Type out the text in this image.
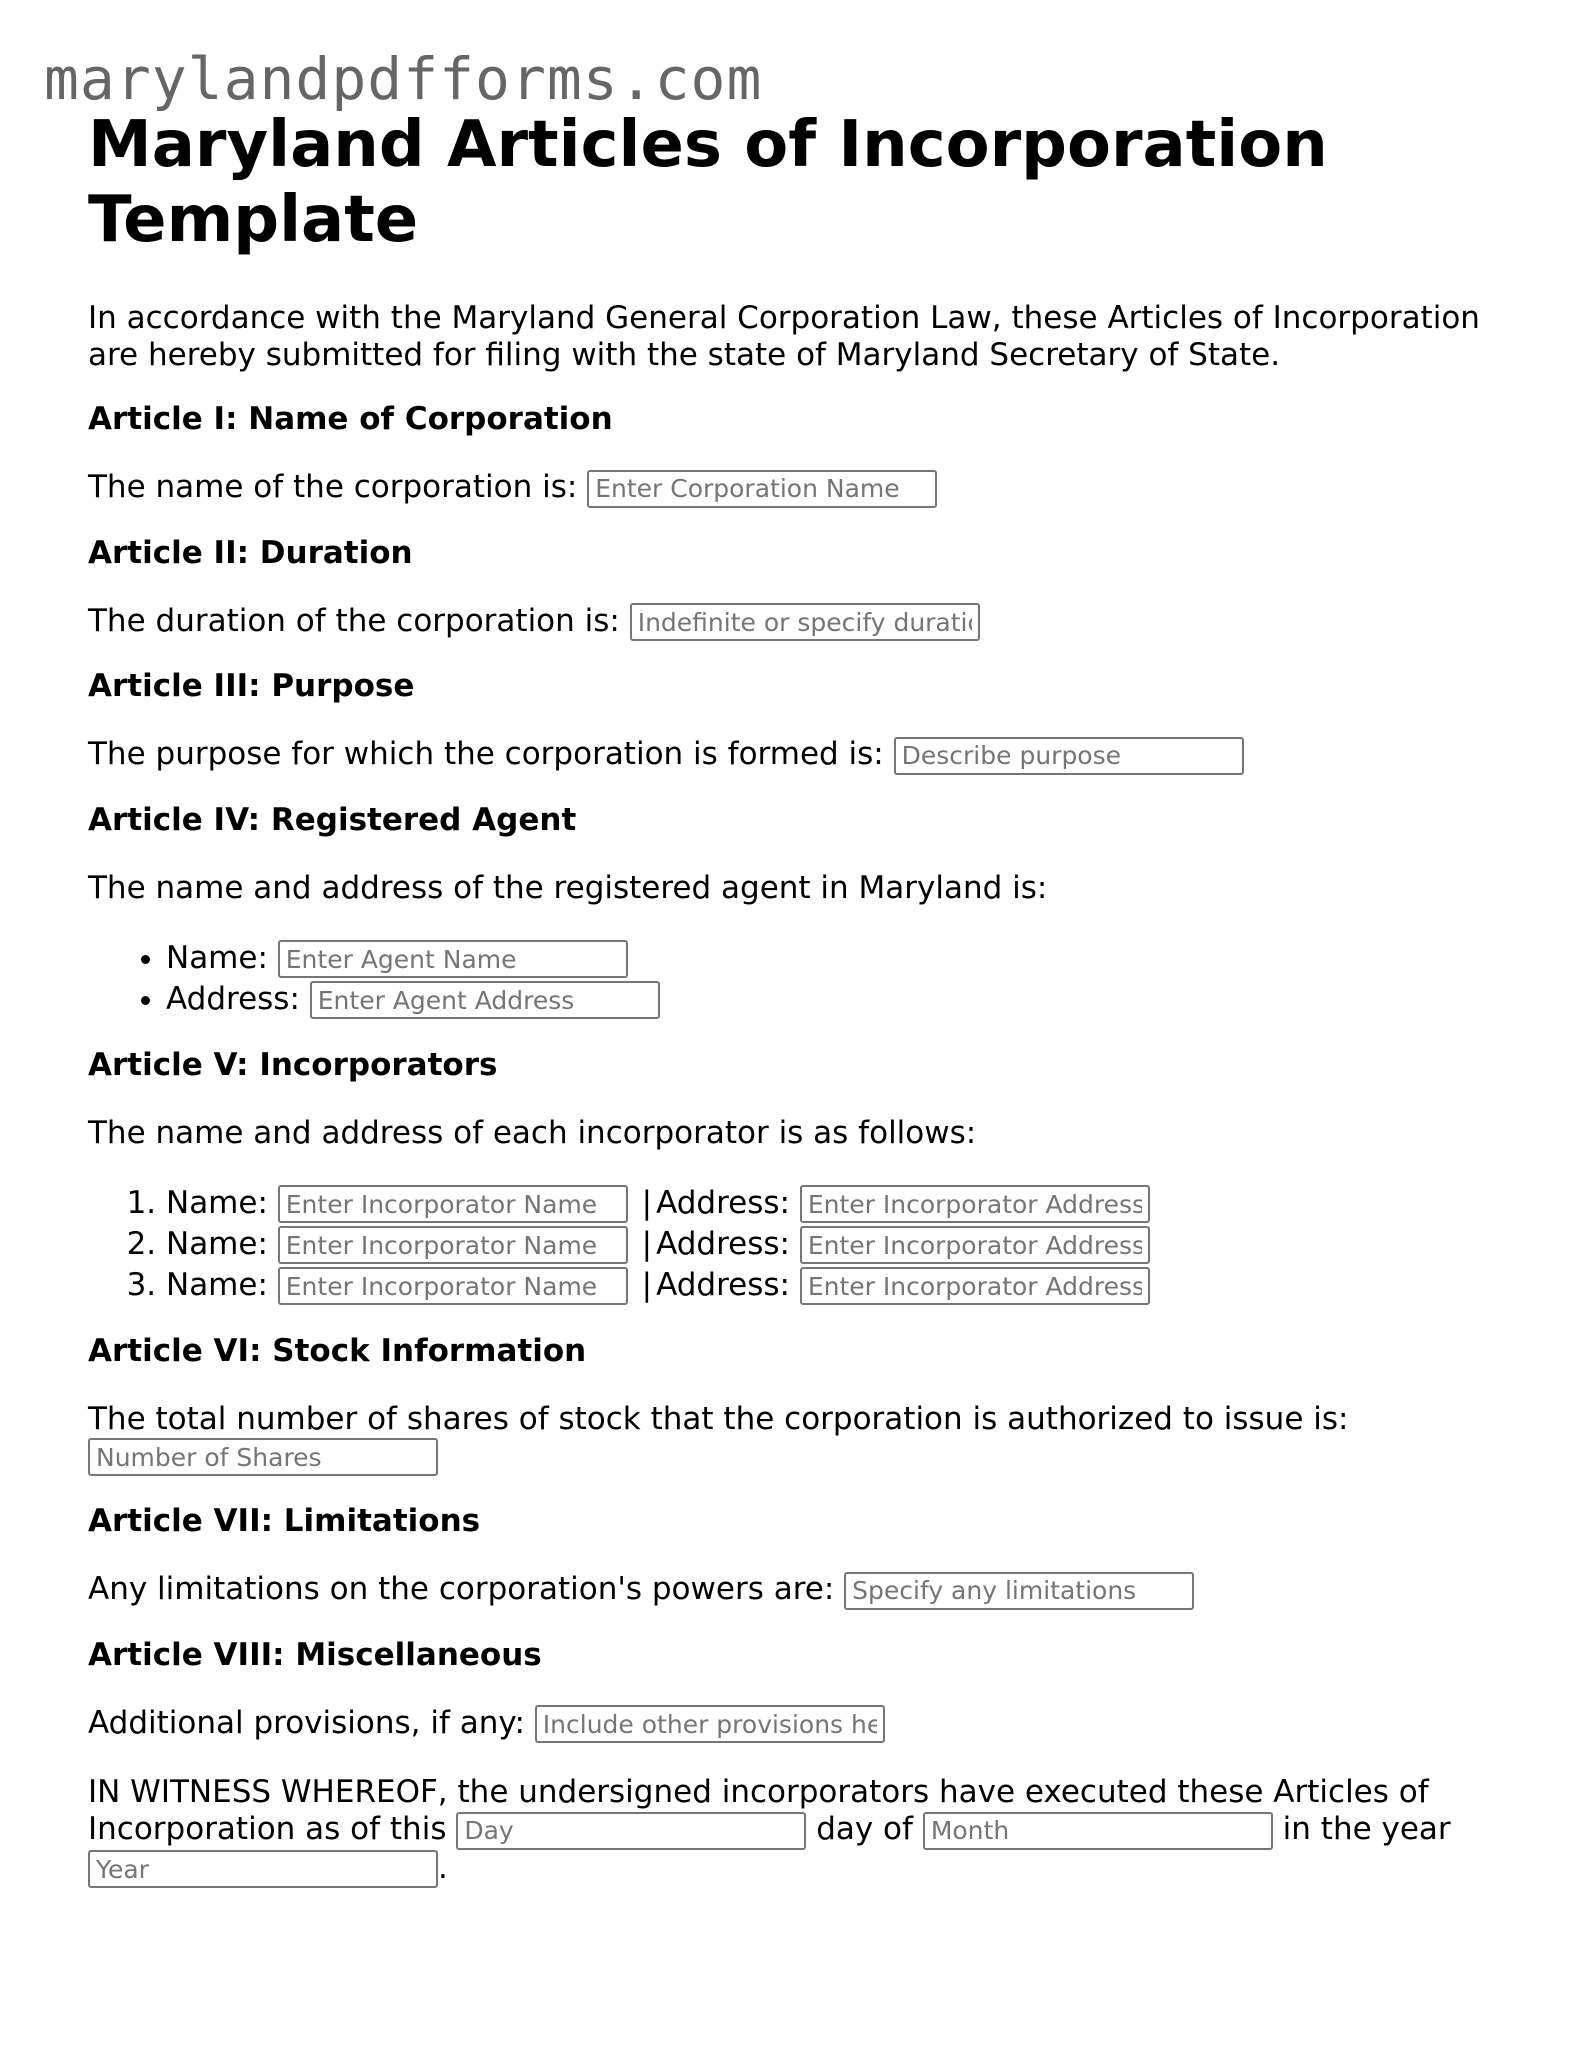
marylandpdfforms.com
Maryland Articles of Incorporation Template
In accordance with the Maryland General Corporation Law, these Articles of Incorporation are hereby submitted for filing with the state of Maryland Secretary of State.
Article I: Name of Corporation

The name of the corporation is: Enter Corporation Name

Article II: Duration

The duration of the corporation is: Indefinite or specify duration

Article III: Purpose

The purpose for which the corporation is formed is: Describe purpose

Article IV: Registered Agent

The name and address of the registered agent in Maryland is:

• Name: Enter Agent Name
• Address: Enter Agent Address
Article V: Incorporators

The name and address of each incorporator is as follows:

1. Name: Enter Incorporator Name	| Address: Enter Incorporator Address
2. Name: Enter Incorporator Name	| Address: Enter Incorporator Address
3. Name: Enter Incorporator Name	| Address: Enter Incorporator Address
Article VI: Stock Information

The total number of shares of stock that the corporation is authorized to issue is: Number of Shares

Article VII: Limitations

Any limitations on the corporation's powers are: Specify any limitations

Article VIII: Miscellaneous

Additional provisions, if any: Include other provisions here

IN WITNESS WHEREOF, the undersigned incorporators have executed these Articles of Incorporation as of this Day	day of Month	in the year Year.
